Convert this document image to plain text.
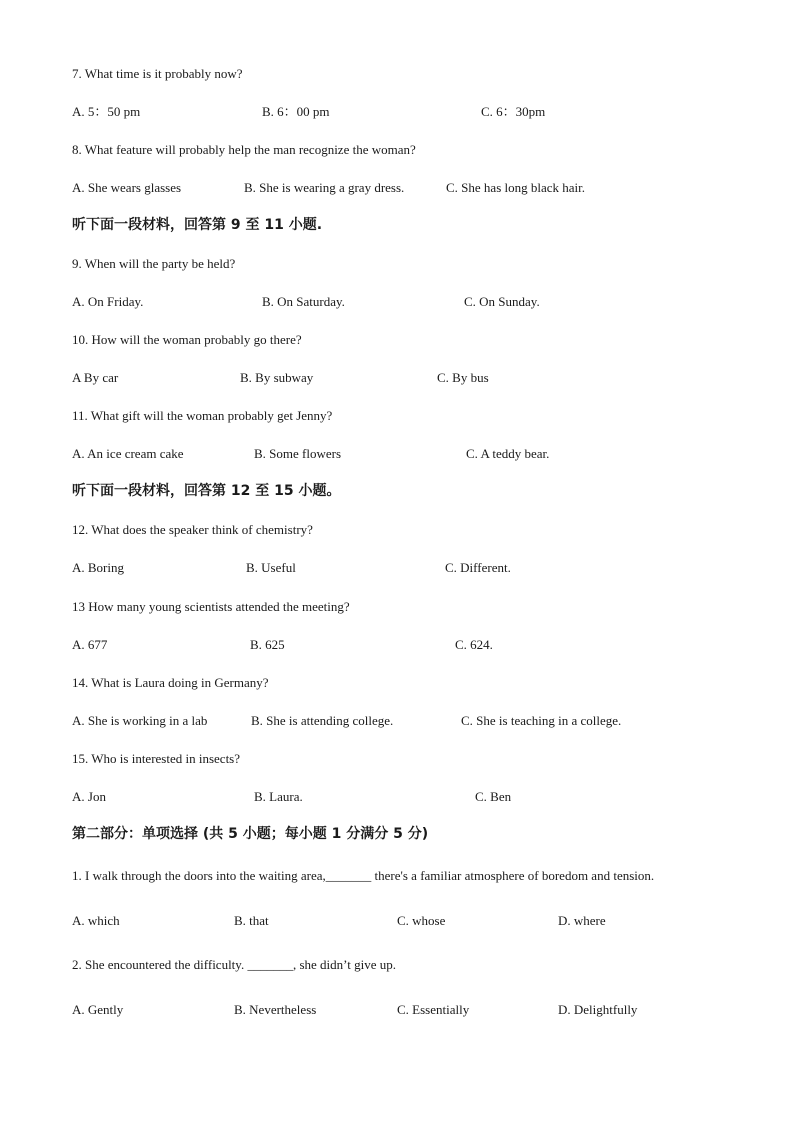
7. What time is it probably now?
A. 5：50 pm	B. 6：00 pm	C. 6：30pm
8. What feature will probably help the man recognize the woman?
A. She wears glasses	B. She is wearing a gray dress.	C. She has long black hair.
听下面一段材料，回答第 9 至 11 小题.
9. When will the party be held?
A. On Friday.	B. On Saturday.	C. On Sunday.
10. How will the woman probably go there?
A By car	B. By subway	C. By bus
11. What gift will the woman probably get Jenny?
A. An ice cream cake	B. Some flowers	C. A teddy bear.
听下面一段材料，回答第 12 至 15 小题。
12. What does the speaker think of chemistry?
A. Boring	B. Useful	C. Different.
13 How many young scientists attended the meeting?
A. 677	B. 625	C. 624.
14. What is Laura doing in Germany?
A. She is working in a lab	B. She is attending college.	C. She is teaching in a college.
15. Who is interested in insects?
A. Jon	B. Laura.	C. Ben
第二部分：单项选择 (共 5 小题；每小题 1 分满分 5 分)
1. I walk through the doors into the waiting area,_______ there's a familiar atmosphere of boredom and tension.
A. which	B. that	C. whose	D. where
2. She encountered the difficulty. _______, she didn’t give up.
A. Gently	B. Nevertheless	C. Essentially	D. Delightfully
